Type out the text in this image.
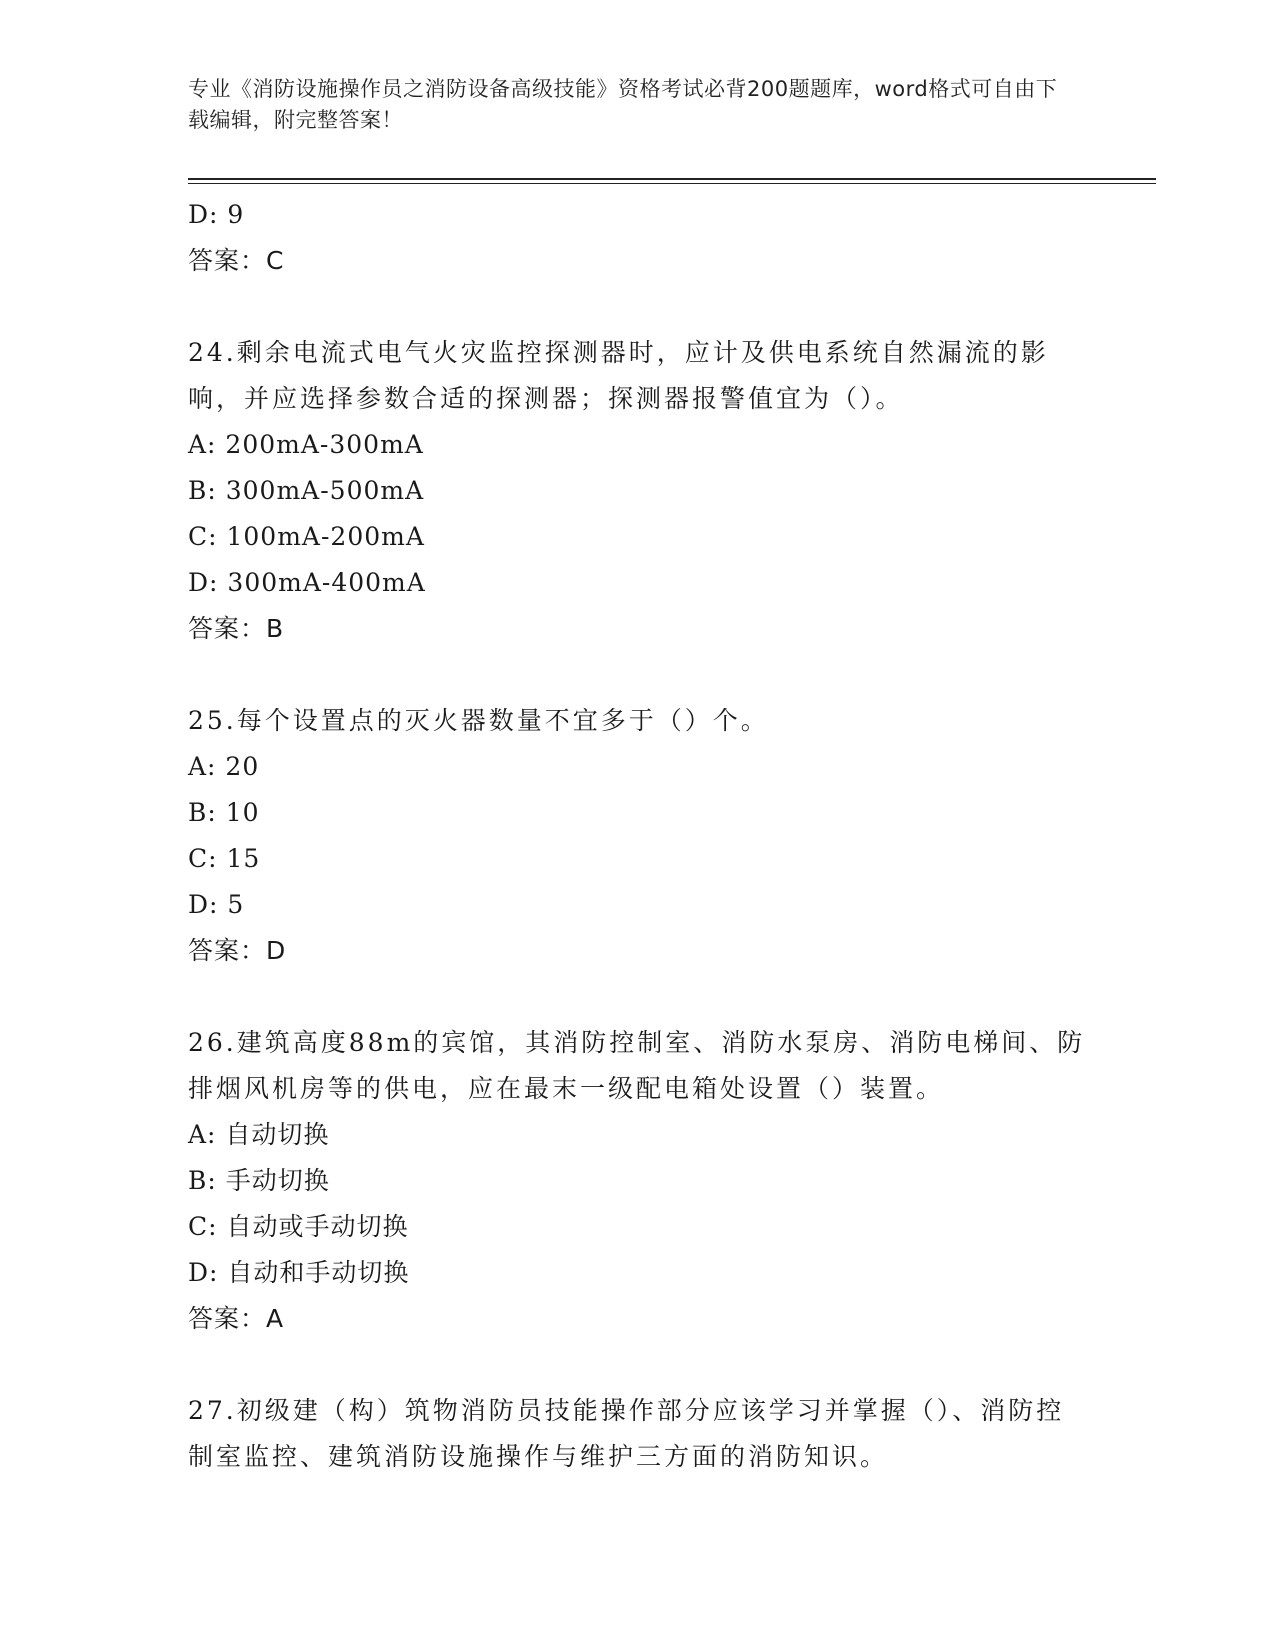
专业《消防设施操作员之消防设备高级技能》资格考试必背200题题库，word格式可自由下载编辑，附完整答案！
D: 9
答案：C
24.剩余电流式电气火灾监控探测器时，应计及供电系统自然漏流的影响，并应选择参数合适的探测器；探测器报警值宜为（）。
A: 200mA-300mA
B: 300mA-500mA
C: 100mA-200mA
D: 300mA-400mA
答案：B
25.每个设置点的灭火器数量不宜多于（）个。
A: 20
B: 10
C: 15
D: 5
答案：D
26.建筑高度88m的宾馆，其消防控制室、消防水泵房、消防电梯间、防排烟风机房等的供电，应在最末一级配电箱处设置（）装置。
A: 自动切换
B: 手动切换
C: 自动或手动切换
D: 自动和手动切换
答案：A
27.初级建（构）筑物消防员技能操作部分应该学习并掌握（）、消防控制室监控、建筑消防设施操作与维护三方面的消防知识。
